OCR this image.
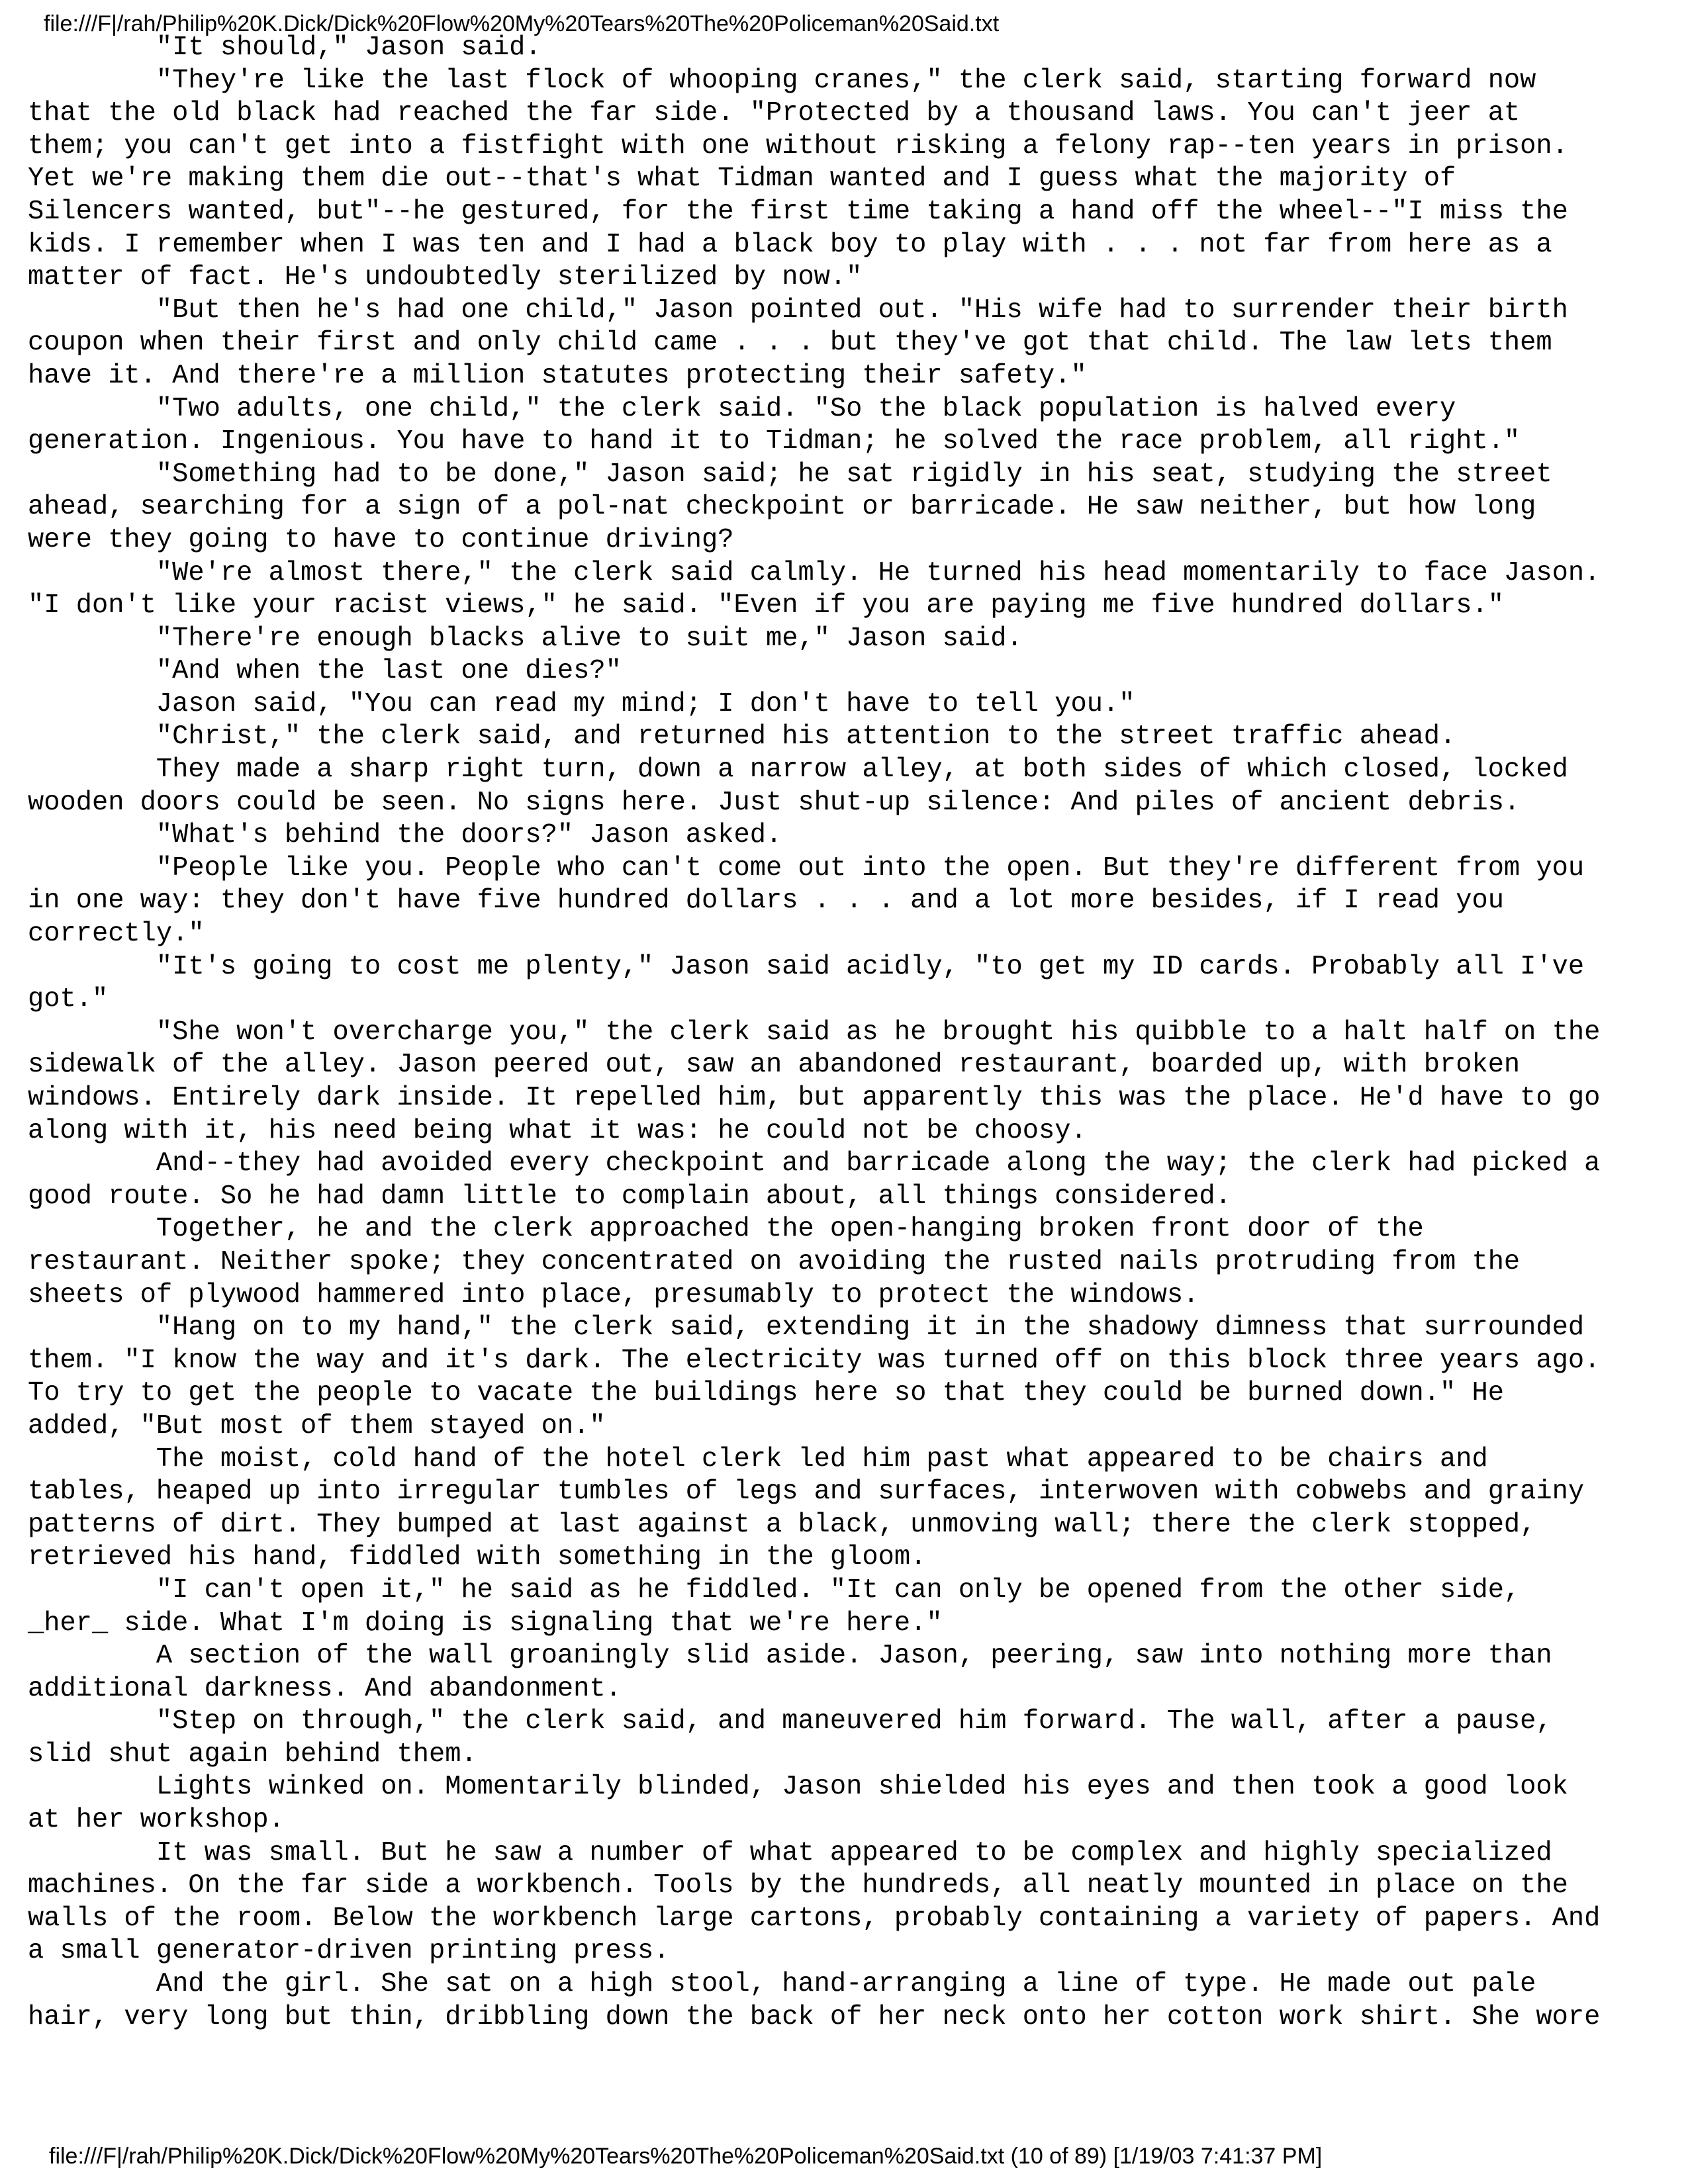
file:///F|/rah/Philip%20K.Dick/Dick%20Flow%20My%20Tears%20The%20Policeman%20Said.txt
"It should," Jason said.
"They're like the last flock of whooping cranes," the clerk said, starting forward now
that the old black had reached the far side. "Protected by a thousand laws. You can't jeer at
them; you can't get into a fistfight with one without risking a felony rap--ten years in prison.
Yet we're making them die out--that's what Tidman wanted and I guess what the majority of
Silencers wanted, but"--he gestured, for the first time taking a hand off the wheel--"I miss the
kids. I remember when I was ten and I had a black boy to play with . . . not far from here as a
matter of fact. He's undoubtedly sterilized by now."
"But then he's had one child," Jason pointed out. "His wife had to surrender their birth
coupon when their first and only child came . . . but they've got that child. The law lets them
have it. And there're a million statutes protecting their safety."
"Two adults, one child," the clerk said. "So the black population is halved every
generation. Ingenious. You have to hand it to Tidman; he solved the race problem, all right."
"Something had to be done," Jason said; he sat rigidly in his seat, studying the street
ahead, searching for a sign of a pol-nat checkpoint or barricade. He saw neither, but how long
were they going to have to continue driving?
"We're almost there," the clerk said calmly. He turned his head momentarily to face Jason.
"I don't like your racist views," he said. "Even if you are paying me five hundred dollars."
"There're enough blacks alive to suit me," Jason said.
"And when the last one dies?"
Jason said, "You can read my mind; I don't have to tell you."
"Christ," the clerk said, and returned his attention to the street traffic ahead.
They made a sharp right turn, down a narrow alley, at both sides of which closed, locked
wooden doors could be seen. No signs here. Just shut-up silence: And piles of ancient debris.
"What's behind the doors?" Jason asked.
"People like you. People who can't come out into the open. But they're different from you
in one way: they don't have five hundred dollars . . . and a lot more besides, if I read you
correctly."
"It's going to cost me plenty," Jason said acidly, "to get my ID cards. Probably all I've
got."
"She won't overcharge you," the clerk said as he brought his quibble to a halt half on the
sidewalk of the alley. Jason peered out, saw an abandoned restaurant, boarded up, with broken
windows. Entirely dark inside. It repelled him, but apparently this was the place. He'd have to go
along with it, his need being what it was: he could not be choosy.
And--they had avoided every checkpoint and barricade along the way; the clerk had picked a
good route. So he had damn little to complain about, all things considered.
Together, he and the clerk approached the open-hanging broken front door of the
restaurant. Neither spoke; they concentrated on avoiding the rusted nails protruding from the
sheets of plywood hammered into place, presumably to protect the windows.
"Hang on to my hand," the clerk said, extending it in the shadowy dimness that surrounded
them. "I know the way and it's dark. The electricity was turned off on this block three years ago.
To try to get the people to vacate the buildings here so that they could be burned down." He
added, "But most of them stayed on."
The moist, cold hand of the hotel clerk led him past what appeared to be chairs and
tables, heaped up into irregular tumbles of legs and surfaces, interwoven with cobwebs and grainy
patterns of dirt. They bumped at last against a black, unmoving wall; there the clerk stopped,
retrieved his hand, fiddled with something in the gloom.
"I can't open it," he said as he fiddled. "It can only be opened from the other side,
_her_ side. What I'm doing is signaling that we're here."
A section of the wall groaningly slid aside. Jason, peering, saw into nothing more than
additional darkness. And abandonment.
"Step on through," the clerk said, and maneuvered him forward. The wall, after a pause,
slid shut again behind them.
Lights winked on. Momentarily blinded, Jason shielded his eyes and then took a good look
at her workshop.
It was small. But he saw a number of what appeared to be complex and highly specialized
machines. On the far side a workbench. Tools by the hundreds, all neatly mounted in place on the
walls of the room. Below the workbench large cartons, probably containing a variety of papers. And
a small generator-driven printing press.
And the girl. She sat on a high stool, hand-arranging a line of type. He made out pale
hair, very long but thin, dribbling down the back of her neck onto her cotton work shirt. She wore
file:///F|/rah/Philip%20K.Dick/Dick%20Flow%20My%20Tears%20The%20Policeman%20Said.txt (10 of 89) [1/19/03 7:41:37 PM]
